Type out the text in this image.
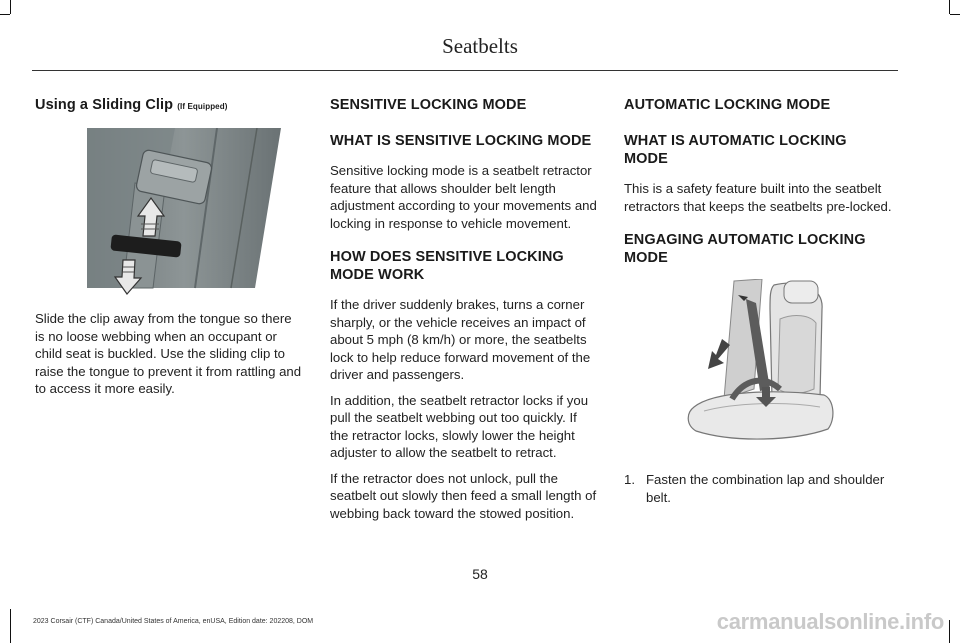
Seatbelts
Using a Sliding Clip (If Equipped)

Slide the clip away from the tongue so there is no loose webbing when an occupant or child seat is buckled. Use the sliding clip to raise the tongue to prevent it from rattling and to access it more easily.

SENSITIVE LOCKING MODE
WHAT IS SENSITIVE LOCKING MODE

Sensitive locking mode is a seatbelt retractor feature that allows shoulder belt length adjustment according to your movements and locking in response to vehicle movement.

HOW DOES SENSITIVE LOCKING MODE WORK

If the driver suddenly brakes, turns a corner sharply, or the vehicle receives an impact of about 5 mph (8 km/h) or more, the seatbelts lock to help reduce forward movement of the driver and passengers.

In addition, the seatbelt retractor locks if you pull the seatbelt webbing out too quickly. If the retractor locks, slowly lower the height adjuster to allow the seatbelt to retract.

If the retractor does not unlock, pull the seatbelt out slowly then feed a small length of webbing back toward the stowed position.

AUTOMATIC LOCKING MODE
WHAT IS AUTOMATIC LOCKING MODE

This is a safety feature built into the seatbelt retractors that keeps the seatbelts pre-locked.

ENGAGING AUTOMATIC LOCKING MODE
1. Fasten the combination lap and shoulder belt.
58
2023 Corsair (CTF) Canada/United States of America, enUSA, Edition date: 202208, DOM	carmanualsonline.info
